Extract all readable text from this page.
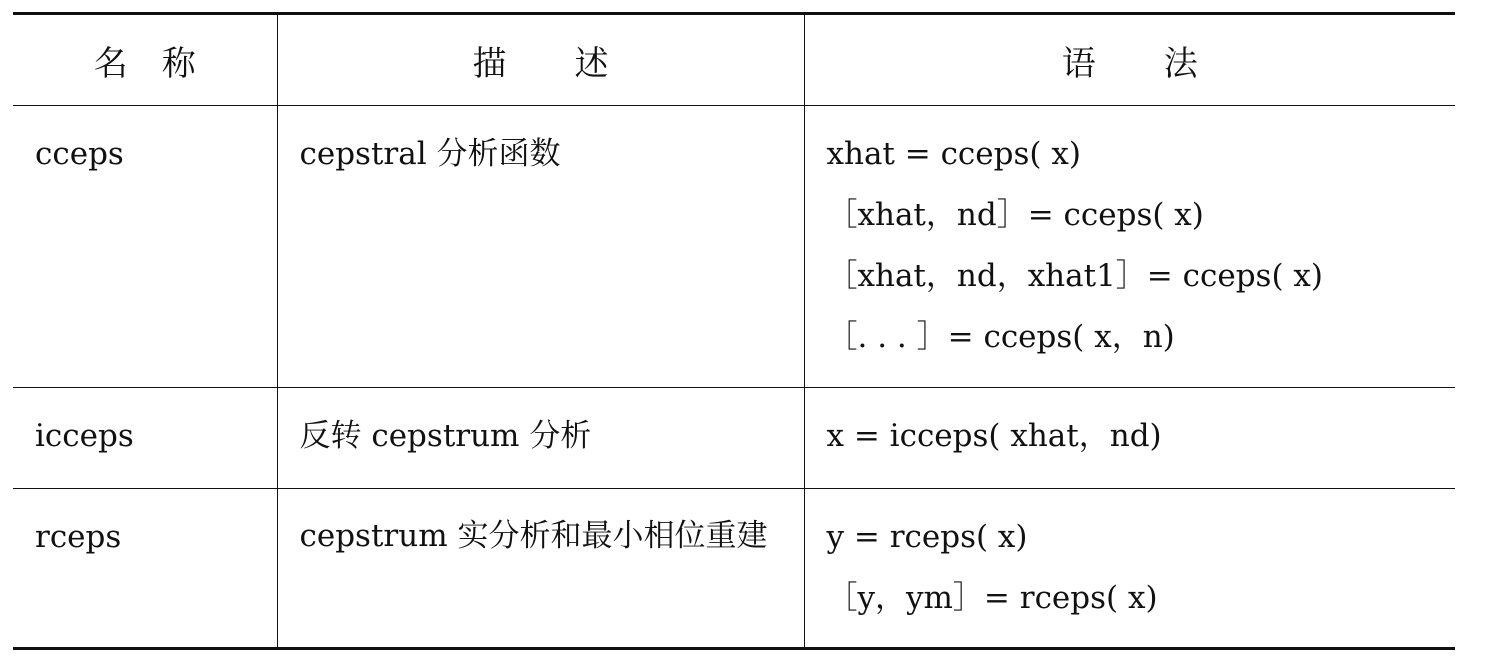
名　称	描　　述	语　　法

cceps	cepstral 分析函数	xhat = cceps( x)
［xhat，nd］= cceps( x)
［xhat，nd，xhat1］= cceps( x)
［. . . ］= cceps( x，n)

icceps	反转 cepstrum 分析	x = icceps( xhat，nd)

rceps	cepstrum 实分析和最小相位重建	y = rceps( x)
［y，ym］= rceps( x)
